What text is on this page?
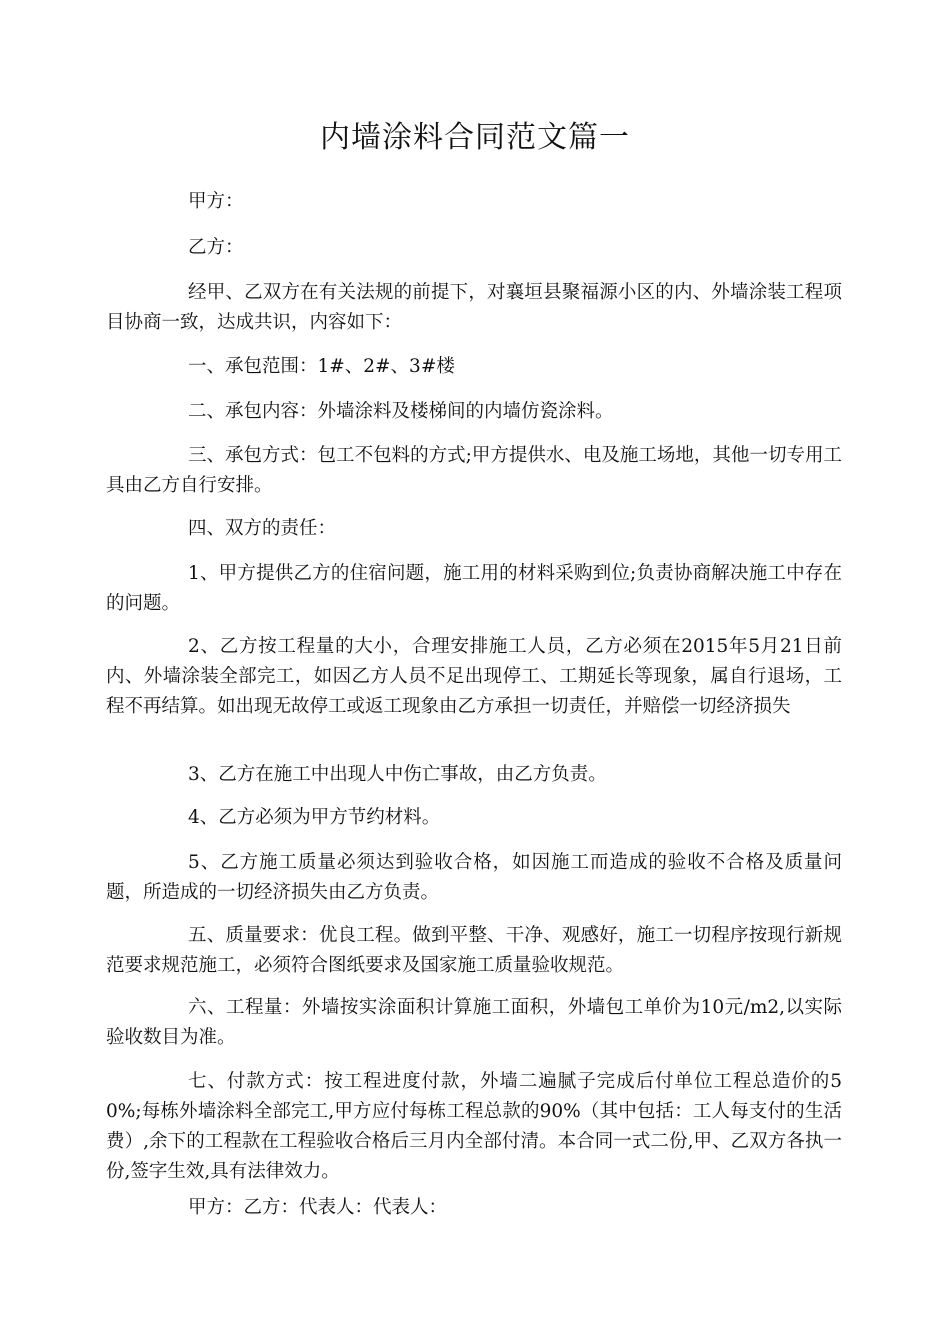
内墙涂料合同范文篇一

甲方：

乙方：

经甲、乙双方在有关法规的前提下，对襄垣县聚福源小区的内、外墙涂装工程项目协商一致，达成共识，内容如下：

一、承包范围：1#、2#、3#楼

二、承包内容：外墙涂料及楼梯间的内墙仿瓷涂料。

三、承包方式：包工不包料的方式;甲方提供水、电及施工场地，其他一切专用工具由乙方自行安排。

四、双方的责任：

1、甲方提供乙方的住宿问题，施工用的材料采购到位;负责协商解决施工中存在的问题。

2、乙方按工程量的大小，合理安排施工人员，乙方必须在2015年5月21日前内、外墙涂装全部完工，如因乙方人员不足出现停工、工期延长等现象，属自行退场，工程不再结算。如出现无故停工或返工现象由乙方承担一切责任，并赔偿一切经济损失

3、乙方在施工中出现人中伤亡事故，由乙方负责。

4、乙方必须为甲方节约材料。

5、乙方施工质量必须达到验收合格，如因施工而造成的验收不合格及质量问题，所造成的一切经济损失由乙方负责。

五、质量要求：优良工程。做到平整、干净、观感好，施工一切程序按现行新规范要求规范施工，必须符合图纸要求及国家施工质量验收规范。

六、工程量：外墙按实涂面积计算施工面积，外墙包工单价为10元/m2,以实际验收数目为准。

七、付款方式：按工程进度付款，外墙二遍腻子完成后付单位工程总造价的50%;每栋外墙涂料全部完工,甲方应付每栋工程总款的90%（其中包括：工人每支付的生活费）,余下的工程款在工程验收合格后三月内全部付清。本合同一式二份,甲、乙双方各执一份,签字生效,具有法律效力。

甲方：乙方：代表人：代表人：
